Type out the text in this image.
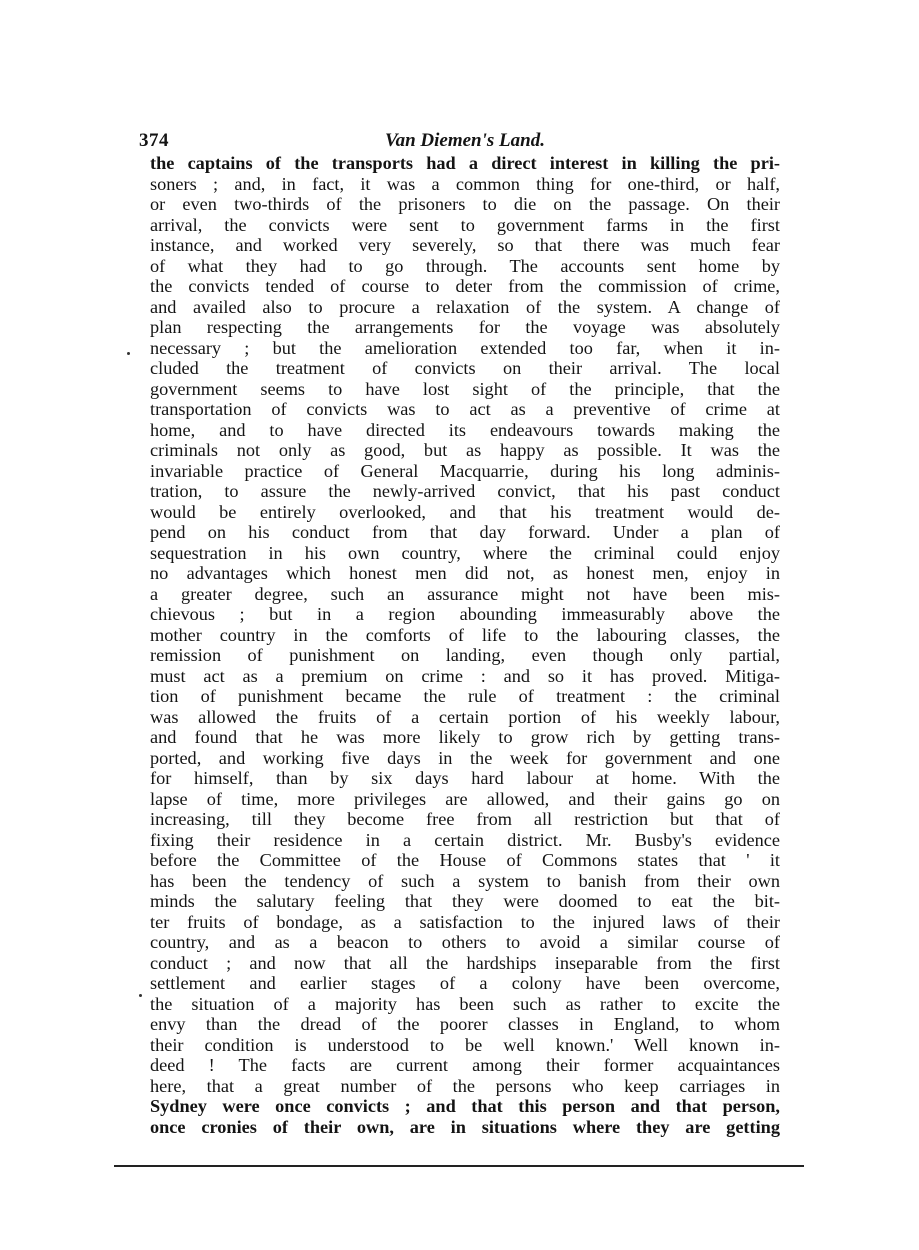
374	Van Diemen's Land.
the captains of the transports had a direct interest in killing the pri-
soners ; and, in fact, it was a common thing for one-third, or half,
or even two-thirds of the prisoners to die on the passage. On their
arrival, the convicts were sent to government farms in the first
instance, and worked very severely, so that there was much fear
of what they had to go through. The accounts sent home by
the convicts tended of course to deter from the commission of crime,
and availed also to procure a relaxation of the system. A change of
plan respecting the arrangements for the voyage was absolutely
necessary ; but the amelioration extended too far, when it in-
cluded the treatment of convicts on their arrival. The local
government seems to have lost sight of the principle, that the
transportation of convicts was to act as a preventive of crime at
home, and to have directed its endeavours towards making the
criminals not only as good, but as happy as possible. It was the
invariable practice of General Macquarrie, during his long adminis-
tration, to assure the newly-arrived convict, that his past conduct
would be entirely overlooked, and that his treatment would de-
pend on his conduct from that day forward. Under a plan of
sequestration in his own country, where the criminal could enjoy
no advantages which honest men did not, as honest men, enjoy in
a greater degree, such an assurance might not have been mis-
chievous ; but in a region abounding immeasurably above the
mother country in the comforts of life to the labouring classes, the
remission of punishment on landing, even though only partial,
must act as a premium on crime : and so it has proved. Mitiga-
tion of punishment became the rule of treatment : the criminal
was allowed the fruits of a certain portion of his weekly labour,
and found that he was more likely to grow rich by getting trans-
ported, and working five days in the week for government and one
for himself, than by six days hard labour at home. With the
lapse of time, more privileges are allowed, and their gains go on
increasing, till they become free from all restriction but that of
fixing their residence in a certain district. Mr. Busby's evidence
before the Committee of the House of Commons states that ' it
has been the tendency of such a system to banish from their own
minds the salutary feeling that they were doomed to eat the bit-
ter fruits of bondage, as a satisfaction to the injured laws of their
country, and as a beacon to others to avoid a similar course of
conduct ; and now that all the hardships inseparable from the first
settlement and earlier stages of a colony have been overcome,
the situation of a majority has been such as rather to excite the
envy than the dread of the poorer classes in England, to whom
their condition is understood to be well known.' Well known in-
deed ! The facts are current among their former acquaintances
here, that a great number of the persons who keep carriages in
Sydney were once convicts ; and that this person and that person,
once cronies of their own, are in situations where they are getting
